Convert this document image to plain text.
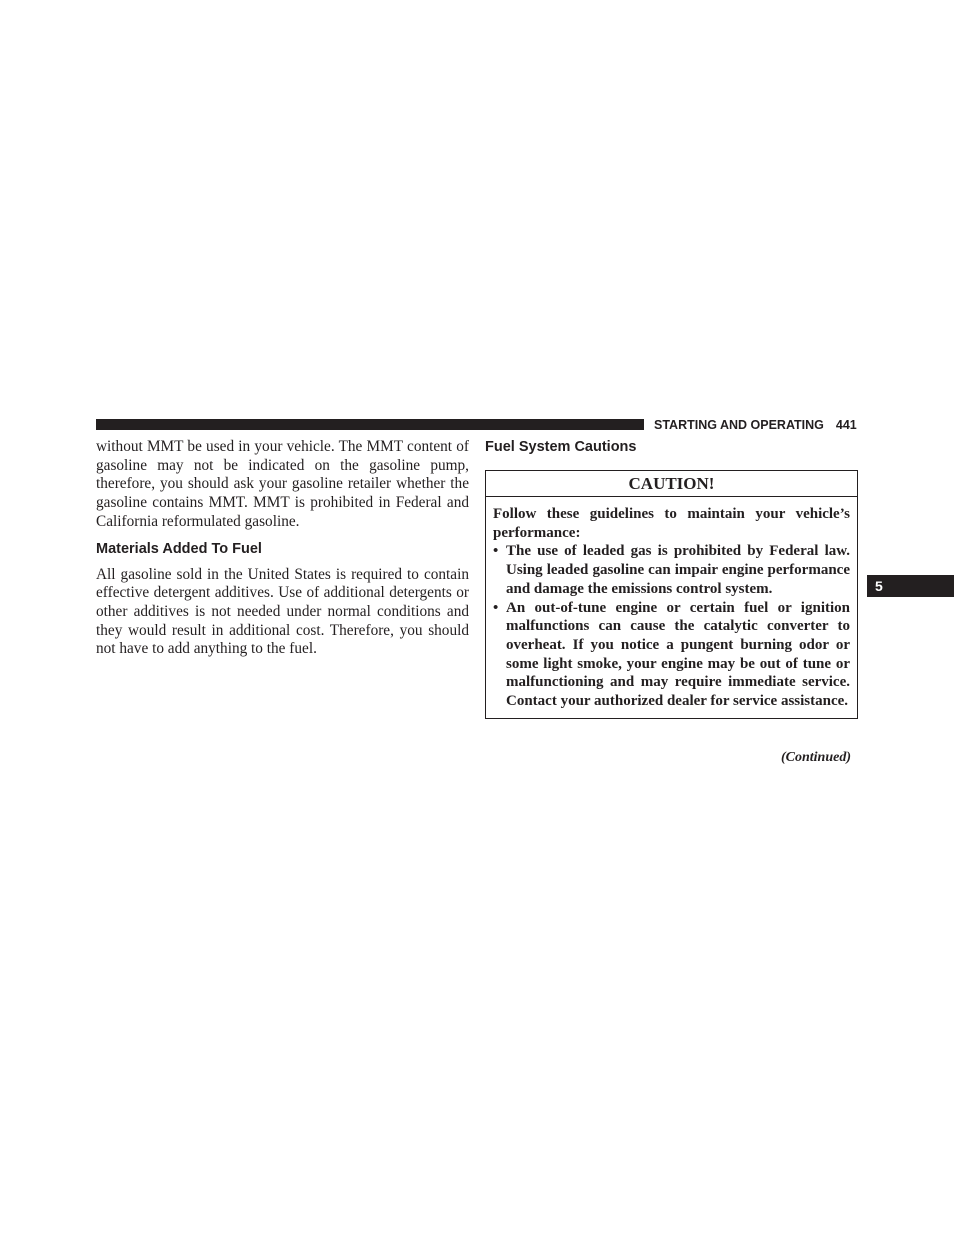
STARTING AND OPERATING 441

without MMT be used in your vehicle. The MMT content of gasoline may not be indicated on the gasoline pump, therefore, you should ask your gasoline retailer whether the gasoline contains MMT. MMT is prohibited in Federal and California reformulated gasoline.

Materials Added To Fuel

All gasoline sold in the United States is required to contain effective detergent additives. Use of additional detergents or other additives is not needed under normal conditions and they would result in additional cost. Therefore, you should not have to add anything to the fuel.

Fuel System Cautions
CAUTION!

Follow these guidelines to maintain your vehicle’s performance:

• The use of leaded gas is prohibited by Federal law. Using leaded gasoline can impair engine performance and damage the emissions control system.
• An out-of-tune engine or certain fuel or ignition malfunctions can cause the catalytic converter to overheat. If you notice a pungent burning odor or some light smoke, your engine may be out of tune or malfunctioning and may require immediate service. Contact your authorized dealer for service assistance.
(Continued)
5
